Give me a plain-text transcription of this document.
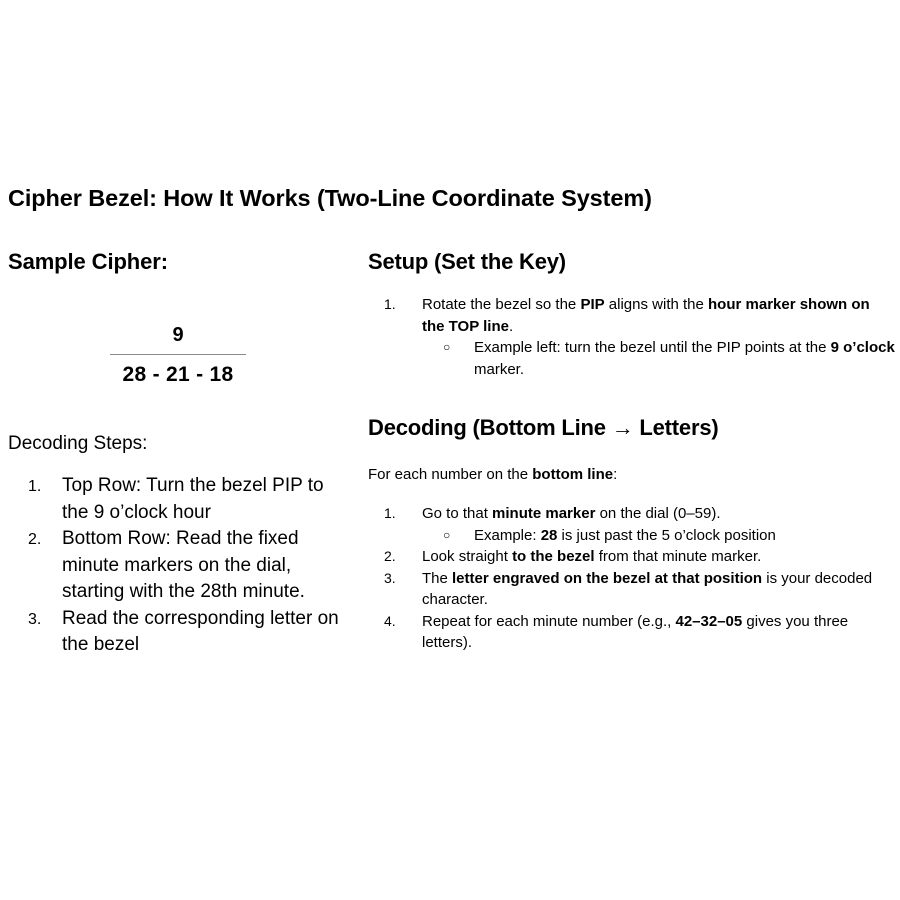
Cipher Bezel: How It Works (Two-Line Coordinate System)
Sample Cipher:
$\frac{9}{28 - 21 - 18}$
Decoding Steps:
1.	Top Row: Turn the bezel PIP to the 9 o’clock hour
2.	Bottom Row: Read the fixed minute markers on the dial, starting with the 28th minute.
3.	Read the corresponding letter on the bezel
Setup (Set the Key)
1.	Rotate the bezel so the PIP aligns with the hour marker shown on the TOP line.
○ Example left: turn the bezel until the PIP points at the 9 o’clock marker.
Decoding (Bottom Line → Letters)
For each number on the bottom line:
1.	Go to that minute marker on the dial (0–59).
○ Example: 28 is just past the 5 o’clock position
2.	Look straight to the bezel from that minute marker.
3.	The letter engraved on the bezel at that position is your decoded character.
4.	Repeat for each minute number (e.g., 42–32–05 gives you three letters).
